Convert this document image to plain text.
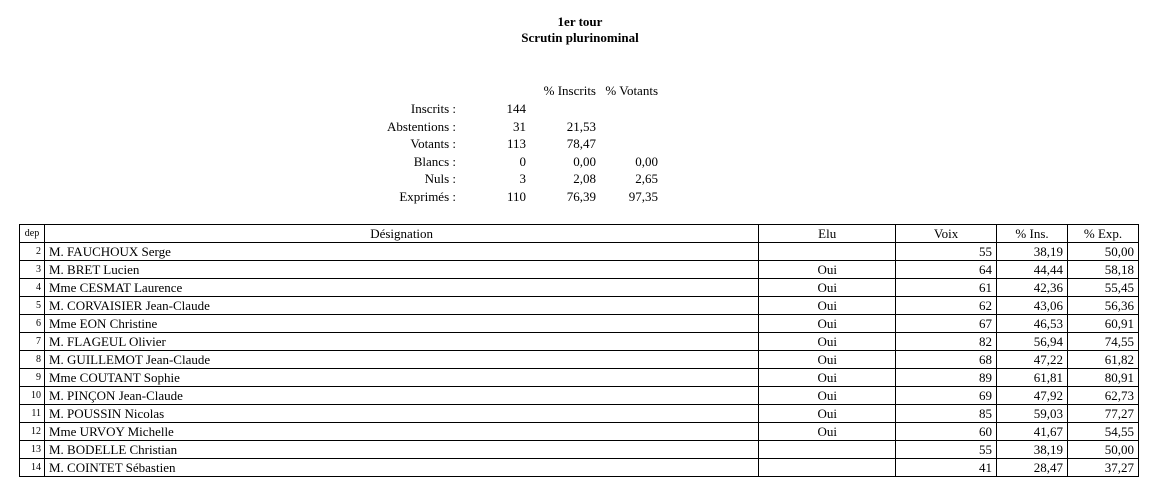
1er tour
Scrutin plurinominal
		% Inscrits	% Votants
Inscrits :	144		
Abstentions :	31	21,53	
Votants :	113	78,47	
Blancs :	0	0,00	0,00
Nuls :	3	2,08	2,65
Exprimés :	110	76,39	97,35
dep	Désignation	Elu	Voix	% Ins.	% Exp.
2	M. FAUCHOUX Serge		55	38,19	50,00
3	M. BRET Lucien	Oui	64	44,44	58,18
4	Mme CESMAT Laurence	Oui	61	42,36	55,45
5	M. CORVAISIER Jean-Claude	Oui	62	43,06	56,36
6	Mme EON Christine	Oui	67	46,53	60,91
7	M. FLAGEUL Olivier	Oui	82	56,94	74,55
8	M. GUILLEMOT Jean-Claude	Oui	68	47,22	61,82
9	Mme COUTANT Sophie	Oui	89	61,81	80,91
10	M. PINÇON Jean-Claude	Oui	69	47,92	62,73
11	M. POUSSIN Nicolas	Oui	85	59,03	77,27
12	Mme URVOY Michelle	Oui	60	41,67	54,55
13	M. BODELLE Christian		55	38,19	50,00
14	M. COINTET Sébastien		41	28,47	37,27
